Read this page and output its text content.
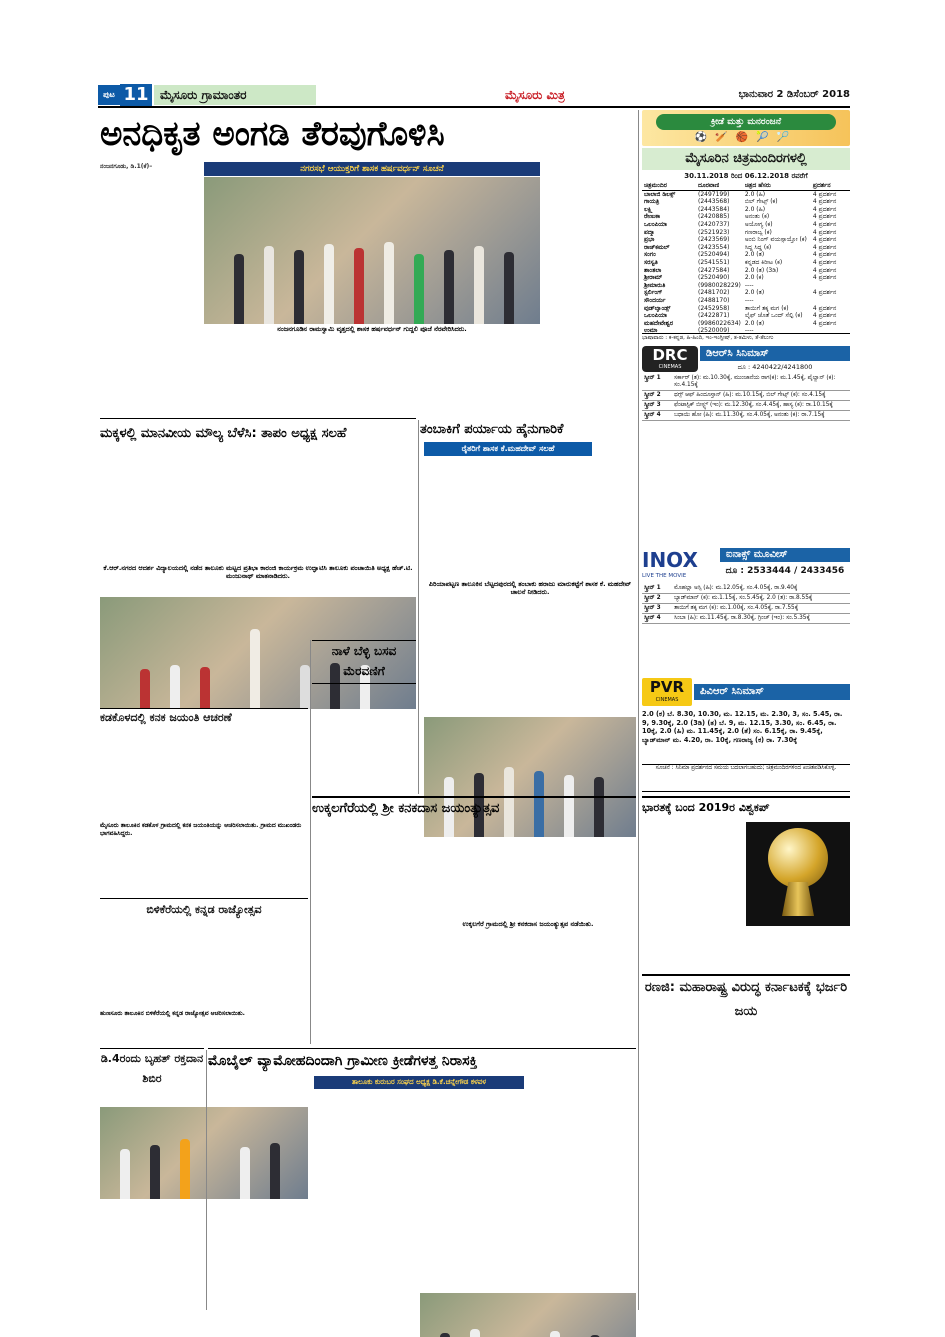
ಪುಟ 11 ಮೈಸೂರು ಗ್ರಾಮಾಂತರ	ಮೈಸೂರು ಮಿತ್ರ	ಭಾನುವಾರ 2 ಡಿಸೆಂಬರ್ 2018
ಅನಧಿಕೃತ ಅಂಗಡಿ ತೆರವುಗೊಳಿಸಿ
ನಂಜನಗೂಡು, ಡಿ.1(ಕೆ)–	ನಗರಸಭೆ ಆಯುಕ್ತರಿಗೆ ಶಾಸಕ ಹರ್ಷವರ್ಧನ್ ಸೂಚನೆ
ನಂಜನಗೂಡಿನ ರಾಮಸ್ವಾಮಿ ವೃತ್ತದಲ್ಲಿ ಶಾಸಕ ಹರ್ಷವರ್ಧನ್ ಗುದ್ದಲಿ ಪೂಜೆ ನೆರವೇರಿಸಿದರು.
ಕ್ರೀಡೆ ಮತ್ತು ಮನರಂಜನೆ
⚽🏏🏀🎾🏸
ಮೈಸೂರಿನ ಚಿತ್ರಮಂದಿರಗಳಲ್ಲಿ
30.11.2018 ರಿಂದ 06.12.2018 ರವರೆಗೆ
ಚಿತ್ರಮಂದಿರ	ದೂರವಾಣಿ	ಚಿತ್ರದ ಹೆಸರು	ಪ್ರದರ್ಶನ
ಬಾಲಾಜಿ ಡಿಲಕ್ಸ್	(2497199)	2.0 (ಹಿ)	4 ಪ್ರದರ್ಶನ
ಗಾಯತ್ರಿ	(2443568)	ಬಿಲ್ ಗೇಟ್ಸ್ (ಕ)	4 ಪ್ರದರ್ಶನ
ಲಕ್ಷ್ಮಿ	(2443584)	2.0 (ಹಿ)	4 ಪ್ರದರ್ಶನ
ರೇಣುಕಾ	(2420885)	ಅನಂತು (ಕ)	4 ಪ್ರದರ್ಶನ
ಒಲಂಪಿಯಾ	(2420737)	ಅಯೋಗ್ಯ (ಕ)	4 ಪ್ರದರ್ಶನ
ಪದ್ಮಾ	(2521923)	ಗಣರಾಜ್ಯ (ಕ)	4 ಪ್ರದರ್ಶನ
ಪ್ರಭಾ	(2423569)	ಅಂಬಿ ನಿಂಗ್ ವಯಸ್ಸಾಯ್ತೋ (ಕ)	4 ಪ್ರದರ್ಶನ
ರಾಜ್‌ಕಮಲ್	(2423554)	ಸಿದ್ದ ಸಿದ್ದ (ಕ)	4 ಪ್ರದರ್ಶನ
ಸಂಗಂ	(2520494)	2.0 (ತ)	4 ಪ್ರದರ್ಶನ
ಸರಸ್ವತಿ	(2541551)	ಕನ್ನಡದ ಕಿರೀಟ (ಕ)	4 ಪ್ರದರ್ಶನ
ಶಾಂತಲಾ	(2427584)	2.0 (ತ) (3ಡಿ)	4 ಪ್ರದರ್ಶನ
ಶ್ರೀರಾಮ್	(2520490)	2.0 (ಕ)	4 ಪ್ರದರ್ಶನ
ಶ್ರೀಮಾರುತಿ	(9980028229)	----	
ಸ್ಟರ್ಲಿಂಗ್	(2481702)	2.0 (ತ)	4 ಪ್ರದರ್ಶನ
ಸೌಂದರ್ಯ	(2488170)	----	
ವುಡ್‌ಲ್ಯಾಂಡ್ಸ್	(2452958)	ತಾಯಿಗೆ ತಕ್ಕ ಮಗ (ಕ)	4 ಪ್ರದರ್ಶನ
ಒಲಂಪಿಯಾ	(2422871)	ಲೈಫ್ ಜೊತೆ ಒಂದ್ ಸೆಲ್ಫಿ (ಕ)	4 ಪ್ರದರ್ಶನ
ಮಹದೇವೇಶ್ವರ	(9986022634)	2.0 (ತ)	4 ಪ್ರದರ್ಶನ
ಉಮಾ	(2520009)	----	
ಭಾಷಾವಾರು : ಕ-ಕನ್ನಡ, ಹಿ-ಹಿಂದಿ, ಇಂ-ಇಂಗ್ಲೀಷ್, ತ-ತಮಿಳು, ತೆ-ತೆಲುಗು
DRC
CINEMAS
ಡಿಆರ್‌ಸಿ ಸಿನಿಮಾಸ್
ದೂ : 4240422/4241800
ಸ್ಕ್ರೀನ್ 1	ಸರ್ಕಾರ್ (ತ): ಮ.10.30ಕ್ಕೆ, ಮುಂಜಾನೆಯ ರಾಗ(ಕ): ಮ.1.45ಕ್ಕೆ, ಪೈಲ್ವಾನ್ (ಕ): ಸಂ.4.15ಕ್ಕೆ
ಸ್ಕ್ರೀನ್ 2	ಥಗ್ಸ್ ಆಫ್ ಹಿಂದೂಸ್ತಾನ್ (ಹಿ): ಮ.10.15ಕ್ಕೆ, ಬಿಲ್ ಗೇಟ್ಸ್ (ಕ): ಸಂ.4.15ಕ್ಕೆ
ಸ್ಕ್ರೀನ್ 3	ಫೆಂಟಾಸ್ಟಿಕ್ ಬೀಸ್ಟ್ಸ್ (ಇಂ): ಮ.12.30ಕ್ಕೆ, ಸಂ.4.45ಕ್ಕೆ, ಹಾಸ್ಯ (ಕ): ರಾ.10.15ಕ್ಕೆ
ಸ್ಕ್ರೀನ್ 4	ಬಧಾಯಿ ಹೋ (ಹಿ): ಮ.11.30ಕ್ಕೆ, ಸಂ.4.05ಕ್ಕೆ, ಅನಂತು (ಕ): ರಾ.7.15ಕ್ಕೆ
INOX
LIVE THE MOVIE
ಐನಾಕ್ಸ್ ಮೂವೀಸ್
ದೂ : 2533444 / 2433456
ಸ್ಕ್ರೀನ್ 1	ಮೊಹಲ್ಲಾ ಅಸ್ಸಿ (ಹಿ): ಮ.12.05ಕ್ಕೆ, ಸಂ.4.05ಕ್ಕೆ, ರಾ.9.40ಕ್ಕೆ
ಸ್ಕ್ರೀನ್ 2	ಬ್ಯಾಡ್‌ಮಾನ್ (ಕ): ಮ.1.15ಕ್ಕೆ, ಸಂ.5.45ಕ್ಕೆ, 2.0 (ತ): ರಾ.8.55ಕ್ಕೆ
ಸ್ಕ್ರೀನ್ 3	ತಾಯಿಗೆ ತಕ್ಕ ಮಗ (ಕ): ಮ.1.00ಕ್ಕೆ, ಸಂ.4.05ಕ್ಕೆ, ರಾ.7.55ಕ್ಕೆ
ಸ್ಕ್ರೀನ್ 4	ಸಿಂಬಾ (ಹಿ): ಮ.11.45ಕ್ಕೆ, ರಾ.8.30ಕ್ಕೆ, ಗ್ರಿಂಚ್ (ಇಂ): ಸಂ.5.35ಕ್ಕೆ
PVR
CINEMAS
ಪಿವಿಆರ್ ಸಿನಿಮಾಸ್
2.0 (ಕ) ಬೆ. 8.30, 10.30, ಮ. 12.15, ಮ. 2.30, 3, ಸಂ. 5.45, ರಾ. 9, 9.30ಕ್ಕೆ, 2.0 (3ಡಿ) (ತ) ಬೆ. 9, ಮ. 12.15, 3.30, ಸಂ. 6.45, ರಾ. 10ಕ್ಕೆ, 2.0 (ಹಿ) ಮ. 11.45ಕ್ಕೆ, 2.0 (ತೆ) ಸಂ. 6.15ಕ್ಕೆ, ರಾ. 9.45ಕ್ಕೆ, ಬ್ಯಾಡ್‌ಮಾನ್ ಮ. 4.20, ರಾ. 10ಕ್ಕೆ, ಗಣರಾಜ್ಯ (ಕ) ರಾ. 7.30ಕ್ಕೆ
ಸೂಚನೆ : ಸಿನಿಮಾ ಪ್ರದರ್ಶನದ ಸಮಯ ಬದಲಾಗಬಹುದು; ಚಿತ್ರಮಂದಿರಗಳಿಂದ ಖಚಿತಪಡಿಸಿಕೊಳ್ಳಿ.
ಮಕ್ಕಳಲ್ಲಿ ಮಾನವೀಯ ಮೌಲ್ಯ ಬೆಳೆಸಿ: ತಾಪಂ ಅಧ್ಯಕ್ಷ ಸಲಹೆ
ಕೆ.ಆರ್.ನಗರದ ಆದರ್ಶ ವಿದ್ಯಾಲಯದಲ್ಲಿ ನಡೆದ ತಾಲೂಕು ಮಟ್ಟದ ಪ್ರತಿಭಾ ಕಾರಂಜಿ ಕಾರ್ಯಕ್ರಮ ಉದ್ಘಾಟಿಸಿ ತಾಲೂಕು ಪಂಚಾಯಿತಿ ಅಧ್ಯಕ್ಷ ಹೆಚ್.ಟಿ. ಮಂಜುನಾಥ್ ಮಾತನಾಡಿದರು.
ತಂಬಾಕಿಗೆ ಪರ್ಯಾಯ ಹೈನುಗಾರಿಕೆ
ರೈತರಿಗೆ ಶಾಸಕ ಕೆ.ಮಹದೇವ್ ಸಲಹೆ
ಪಿರಿಯಾಪಟ್ಟಣ ತಾಲೂಕಿನ ಬೆಟ್ಟದಪುರದಲ್ಲಿ ತಂಬಾಕು ಹರಾಜು ಮಾರುಕಟ್ಟೆಗೆ ಶಾಸಕ ಕೆ. ಮಹದೇವ್ ಚಾಲನೆ ನೀಡಿದರು.
ನಾಳೆ ಬೆಳ್ಳಿ ಬಸವ ಮೆರವಣಿಗೆ
ಕಡಕೊಳದಲ್ಲಿ ಕನಕ ಜಯಂತಿ ಆಚರಣೆ
ಮೈಸೂರು ತಾಲೂಕಿನ ಕಡಕೊಳ ಗ್ರಾಮದಲ್ಲಿ ಕನಕ ಜಯಂತಿಯನ್ನು ಆಚರಿಸಲಾಯಿತು. ಗ್ರಾಮದ ಮುಖಂಡರು ಭಾಗವಹಿಸಿದ್ದರು.
ಉಕ್ಕಲಗೆರೆಯಲ್ಲಿ ಶ್ರೀ ಕನಕದಾಸ ಜಯಂತ್ಯುತ್ಸವ
ಉಕ್ಕಲಗೆರೆ ಗ್ರಾಮದಲ್ಲಿ ಶ್ರೀ ಕನಕದಾಸ ಜಯಂತ್ಯುತ್ಸವ ನಡೆಯಿತು.
ಬಿಳಿಕೆರೆಯಲ್ಲಿ ಕನ್ನಡ ರಾಜ್ಯೋತ್ಸವ
ಹುಣಸೂರು ತಾಲೂಕಿನ ಬಿಳಿಕೆರೆಯಲ್ಲಿ ಕನ್ನಡ ರಾಜ್ಯೋತ್ಸವ ಆಚರಿಸಲಾಯಿತು.
ಡಿ.4ರಂದು ಬೃಹತ್ ರಕ್ತದಾನ ಶಿಬಿರ
ಮೊಬೈಲ್ ವ್ಯಾಮೋಹದಿಂದಾಗಿ ಗ್ರಾಮೀಣ ಕ್ರೀಡೆಗಳತ್ತ ನಿರಾಸಕ್ತಿ
ತಾಲೂಕು ಕುರುಬರ ಸಂಘದ ಅಧ್ಯಕ್ಷ ಡಿ.ಕೆ.ಚನ್ನೇಗೌಡ ಕಳವಳ
ಭಾರತಕ್ಕೆ ಬಂದ 2019ರ ವಿಶ್ವಕಪ್
ರಣಜಿ: ಮಹಾರಾಷ್ಟ್ರ ವಿರುದ್ಧ ಕರ್ನಾಟಕಕ್ಕೆ ಭರ್ಜರಿ ಜಯ
